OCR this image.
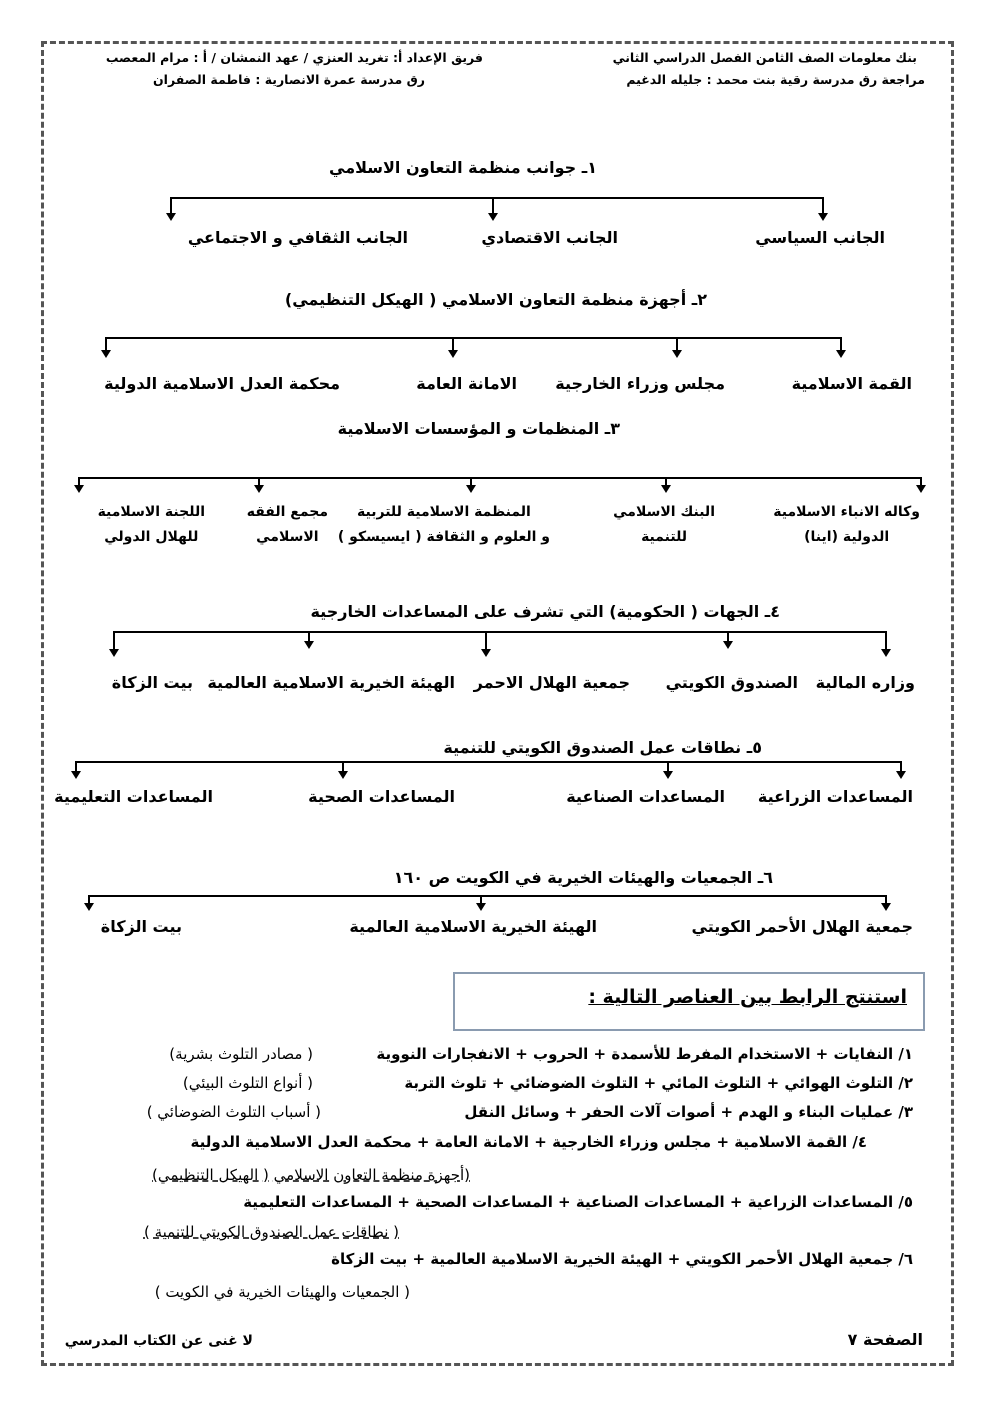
بنك معلومات الصف الثامن الفصل الدراسي الثاني
فريق الإعداد أ: تغريد العنزي / عهد النمشان / أ : مرام المعصب
مراجعة رق مدرسة رقية بنت محمد : جليله الدغيم
رق مدرسة عمرة الانصارية : فاطمة الصفران
١ـ جوانب منظمة التعاون الاسلامي
الجانب السياسي
الجانب الاقتصادي
الجانب الثقافي و الاجتماعي
٢ـ أجهزة منظمة التعاون الاسلامي ( الهيكل التنظيمي)
القمة الاسلامية
مجلس وزراء الخارجية
الامانة العامة
محكمة العدل الاسلامية الدولية
٣ـ المنظمات و المؤسسات الاسلامية
وكاله الانباء الاسلامية
الدولية (اينا)
البنك الاسلامي
للتنمية
المنظمة الاسلامية للتربية
و العلوم و الثقافة ( ايسيسكو )
مجمع الفقه
الاسلامي
اللجنة الاسلامية
للهلال الدولي
٤ـ الجهات ( الحكومية) التي تشرف على المساعدات الخارجية
وزاره المالية
الصندوق الكويتي
جمعية الهلال الاحمر
الهيئة الخيرية الاسلامية العالمية
بيت الزكاة
٥ـ نطاقات عمل الصندوق الكويتي للتنمية
المساعدات الزراعية
المساعدات الصناعية
المساعدات الصحية
المساعدات التعليمية
٦ـ الجمعيات والهيئات الخيرية في الكويت ص ١٦٠
جمعية الهلال الأحمر الكويتي
الهيئة الخيرية الاسلامية العالمية
بيت الزكاة
استنتج الرابط بين العناصر التالية :
١/ النفايات + الاستخدام المفرط للأسمدة + الحروب + الانفجارات النووية
( مصادر التلوث بشرية)
٢/ التلوث الهوائي + التلوث المائي + التلوث الضوضائي + تلوث التربة
( أنواع التلوث البيئي)
٣/ عمليات البناء و الهدم + أصوات آلات الحفر + وسائل النقل
( أسباب التلوث الضوضائي )
٤/ القمة الاسلامية + مجلس وزراء الخارجية + الامانة العامة + محكمة العدل الاسلامية الدولية
(أجهزة منظمة التعاون الاسلامي ( الهيكل التنظيمي)
٥/ المساعدات الزراعية + المساعدات الصناعية + المساعدات الصحية + المساعدات التعليمية
( نطاقات عمل الصندوق الكويتي للتنمية )
٦/ جمعية الهلال الأحمر الكويتي + الهيئة الخيرية الاسلامية العالمية + بيت الزكاة
( الجمعيات والهيئات الخيرية في الكويت )
الصفحة ٧
لا غنى عن الكتاب المدرسي
